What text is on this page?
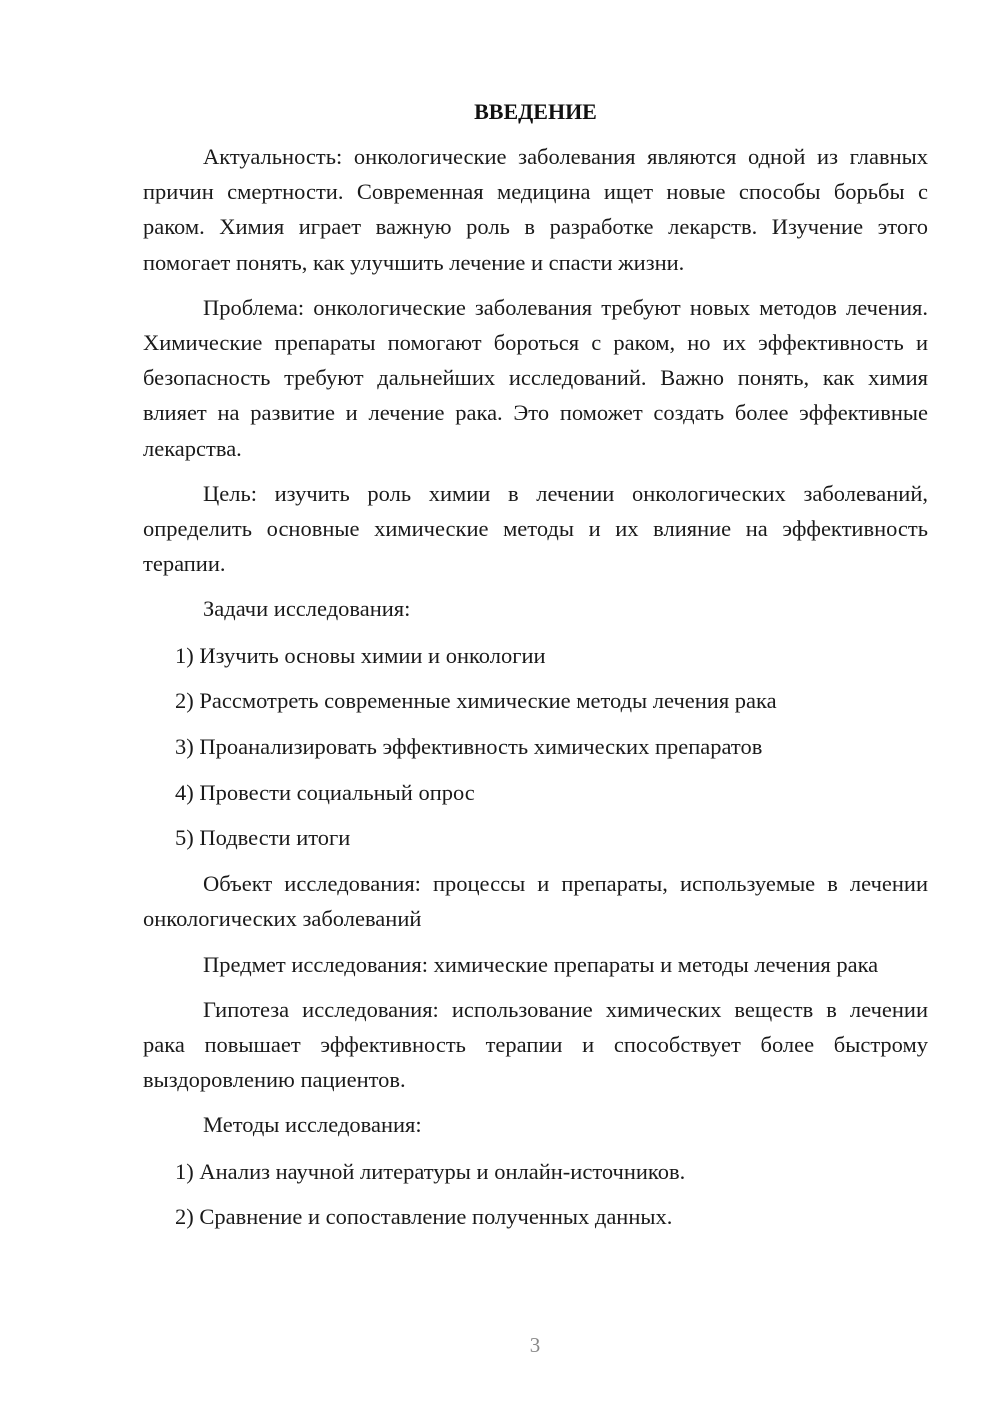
ВВЕДЕНИЕ

Актуальность: онкологические заболевания являются одной из главных причин смертности. Современная медицина ищет новые способы борьбы с раком. Химия играет важную роль в разработке лекарств. Изучение этого помогает понять, как улучшить лечение и спасти жизни.

Проблема: онкологические заболевания требуют новых методов лечения. Химические препараты помогают бороться с раком, но их эффективность и безопасность требуют дальнейших исследований. Важно понять, как химия влияет на развитие и лечение рака. Это поможет создать более эффективные лекарства.

Цель: изучить роль химии в лечении онкологических заболеваний, определить основные химические методы и их влияние на эффективность терапии.

Задачи исследования:

1) Изучить основы химии и онкологии
2) Рассмотреть современные химические методы лечения рака
3) Проанализировать эффективность химических препаратов
4) Провести социальный опрос
5) Подвести итоги

Объект исследования: процессы и препараты, используемые в лечении онкологических заболеваний

Предмет исследования: химические препараты и методы лечения рака

Гипотеза исследования: использование химических веществ в лечении рака повышает эффективность терапии и способствует более быстрому выздоровлению пациентов.

Методы исследования:

1) Анализ научной литературы и онлайн-источников.
2) Сравнение и сопоставление полученных данных.
3
